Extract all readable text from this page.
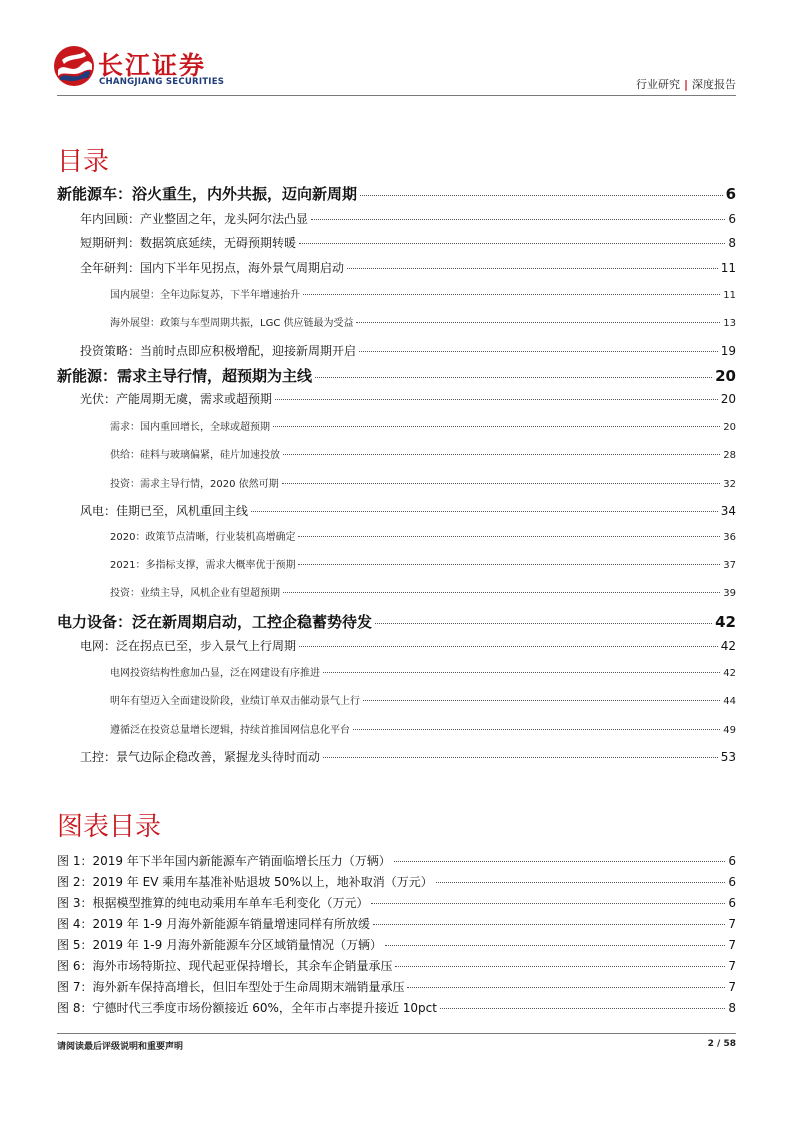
长江证券
CHANGJIANG SECURITIES	行业研究 | 深度报告
目录
新能源车：浴火重生，内外共振，迈向新周期	6
年内回顾：产业整固之年，龙头阿尔法凸显	6
短期研判：数据筑底延续，无碍预期转暖	8
全年研判：国内下半年见拐点，海外景气周期启动	11
国内展望：全年边际复苏，下半年增速抬升	11
海外展望：政策与车型周期共振，LGC 供应链最为受益	13
投资策略：当前时点即应积极增配，迎接新周期开启	19
新能源：需求主导行情，超预期为主线	20
光伏：产能周期无虞，需求或超预期	20
需求：国内重回增长，全球或超预期	20
供给：硅料与玻璃偏紧，硅片加速投放	28
投资：需求主导行情，2020 依然可期	32
风电：佳期已至，风机重回主线	34
2020：政策节点清晰，行业装机高增确定	36
2021：多指标支撑，需求大概率优于预期	37
投资：业绩主导，风机企业有望超预期	39
电力设备：泛在新周期启动，工控企稳蓄势待发	42
电网：泛在拐点已至，步入景气上行周期	42
电网投资结构性愈加凸显，泛在网建设有序推进	42
明年有望迈入全面建设阶段，业绩订单双击催动景气上行	44
遵循泛在投资总量增长逻辑，持续首推国网信息化平台	49
工控：景气边际企稳改善，紧握龙头待时而动	53
图表目录
图 1：2019 年下半年国内新能源车产销面临增长压力（万辆）	6
图 2：2019 年 EV 乘用车基准补贴退坡 50%以上，地补取消（万元）	6
图 3：根据模型推算的纯电动乘用车单车毛利变化（万元）	6
图 4：2019 年 1-9 月海外新能源车销量增速同样有所放缓	7
图 5：2019 年 1-9 月海外新能源车分区域销量情况（万辆）	7
图 6：海外市场特斯拉、现代起亚保持增长，其余车企销量承压	7
图 7：海外新车保持高增长，但旧车型处于生命周期末端销量承压	7
图 8：宁德时代三季度市场份额接近 60%，全年市占率提升接近 10pct	8
请阅读最后评级说明和重要声明	2 / 58
